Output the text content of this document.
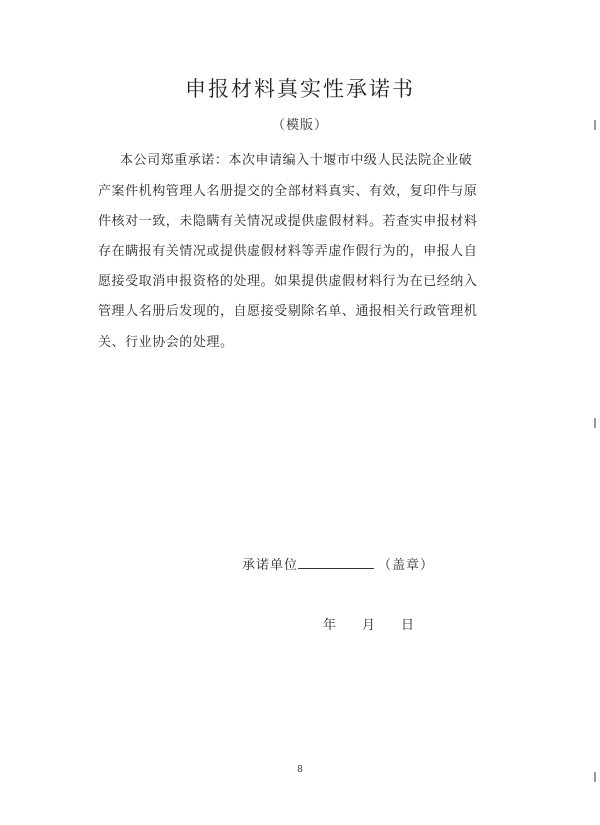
申报材料真实性承诺书
（模版）
本公司郑重承诺：本次申请编入十堰市中级人民法院企业破
产案件机构管理人名册提交的全部材料真实、有效，复印件与原
件核对一致，未隐瞒有关情况或提供虚假材料。若查实申报材料
存在瞒报有关情况或提供虚假材料等弄虚作假行为的，申报人自
愿接受取消申报资格的处理。如果提供虚假材料行为在已经纳入
管理人名册后发现的，自愿接受剔除名单、通报相关行政管理机
关、行业协会的处理。
承诺单位	（盖章）
年 月 日
8
